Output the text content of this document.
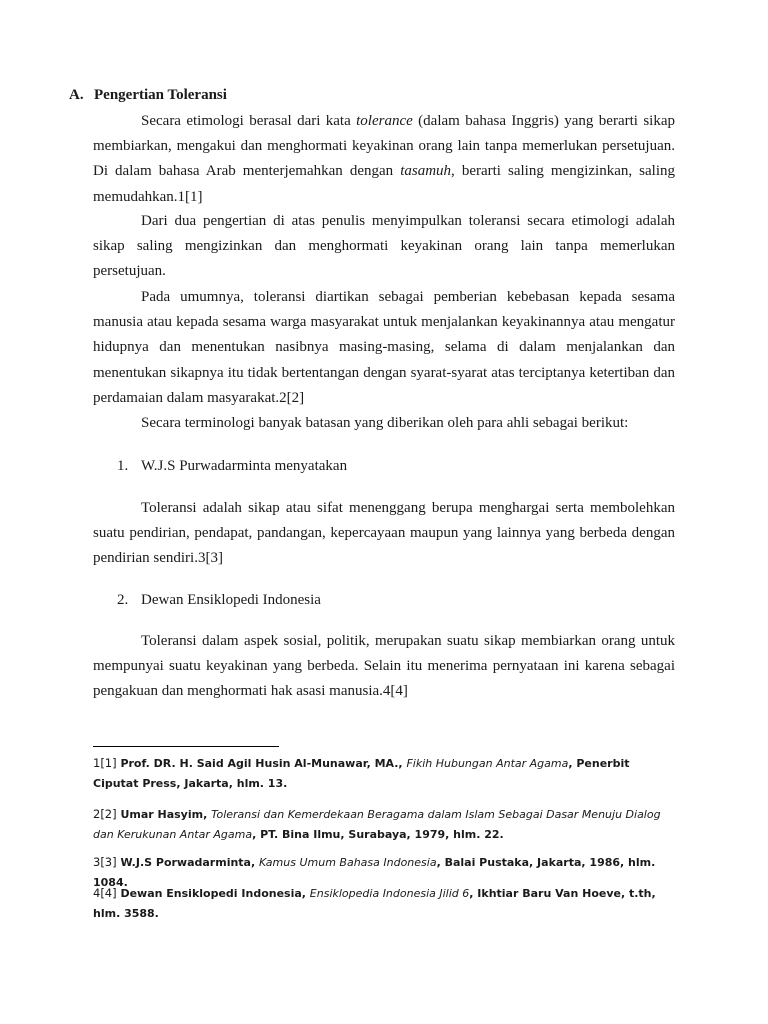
A. Pengertian Toleransi

Secara etimologi berasal dari kata tolerance (dalam bahasa Inggris) yang berarti sikap membiarkan, mengakui dan menghormati keyakinan orang lain tanpa memerlukan persetujuan. Di dalam bahasa Arab menterjemahkan dengan tasamuh, berarti saling mengizinkan, saling memudahkan.1[1]

Dari dua pengertian di atas penulis menyimpulkan toleransi secara etimologi adalah sikap saling mengizinkan dan menghormati keyakinan orang lain tanpa memerlukan persetujuan.

Pada umumnya, toleransi diartikan sebagai pemberian kebebasan kepada sesama manusia atau kepada sesama warga masyarakat untuk menjalankan keyakinannya atau mengatur hidupnya dan menentukan nasibnya masing-masing, selama di dalam menjalankan dan menentukan sikapnya itu tidak bertentangan dengan syarat-syarat atas terciptanya ketertiban dan perdamaian dalam masyarakat.2[2]

Secara terminologi banyak batasan yang diberikan oleh para ahli sebagai berikut:

1. W.J.S Purwadarminta menyatakan

Toleransi adalah sikap atau sifat menenggang berupa menghargai serta membolehkan suatu pendirian, pendapat, pandangan, kepercayaan maupun yang lainnya yang berbeda dengan pendirian sendiri.3[3]

2. Dewan Ensiklopedi Indonesia

Toleransi dalam aspek sosial, politik, merupakan suatu sikap membiarkan orang untuk mempunyai suatu keyakinan yang berbeda. Selain itu menerima pernyataan ini karena sebagai pengakuan dan menghormati hak asasi manusia.4[4]

1[1] Prof. DR. H. Said Agil Husin Al-Munawar, MA., Fikih Hubungan Antar Agama, Penerbit Ciputat Press, Jakarta, hlm. 13.

2[2] Umar Hasyim, Toleransi dan Kemerdekaan Beragama dalam Islam Sebagai Dasar Menuju Dialog dan Kerukunan Antar Agama, PT. Bina Ilmu, Surabaya, 1979, hlm. 22.

3[3] W.J.S Porwadarminta, Kamus Umum Bahasa Indonesia, Balai Pustaka, Jakarta, 1986, hlm. 1084.

4[4] Dewan Ensiklopedi Indonesia, Ensiklopedia Indonesia Jilid 6, Ikhtiar Baru Van Hoeve, t.th, hlm. 3588.
